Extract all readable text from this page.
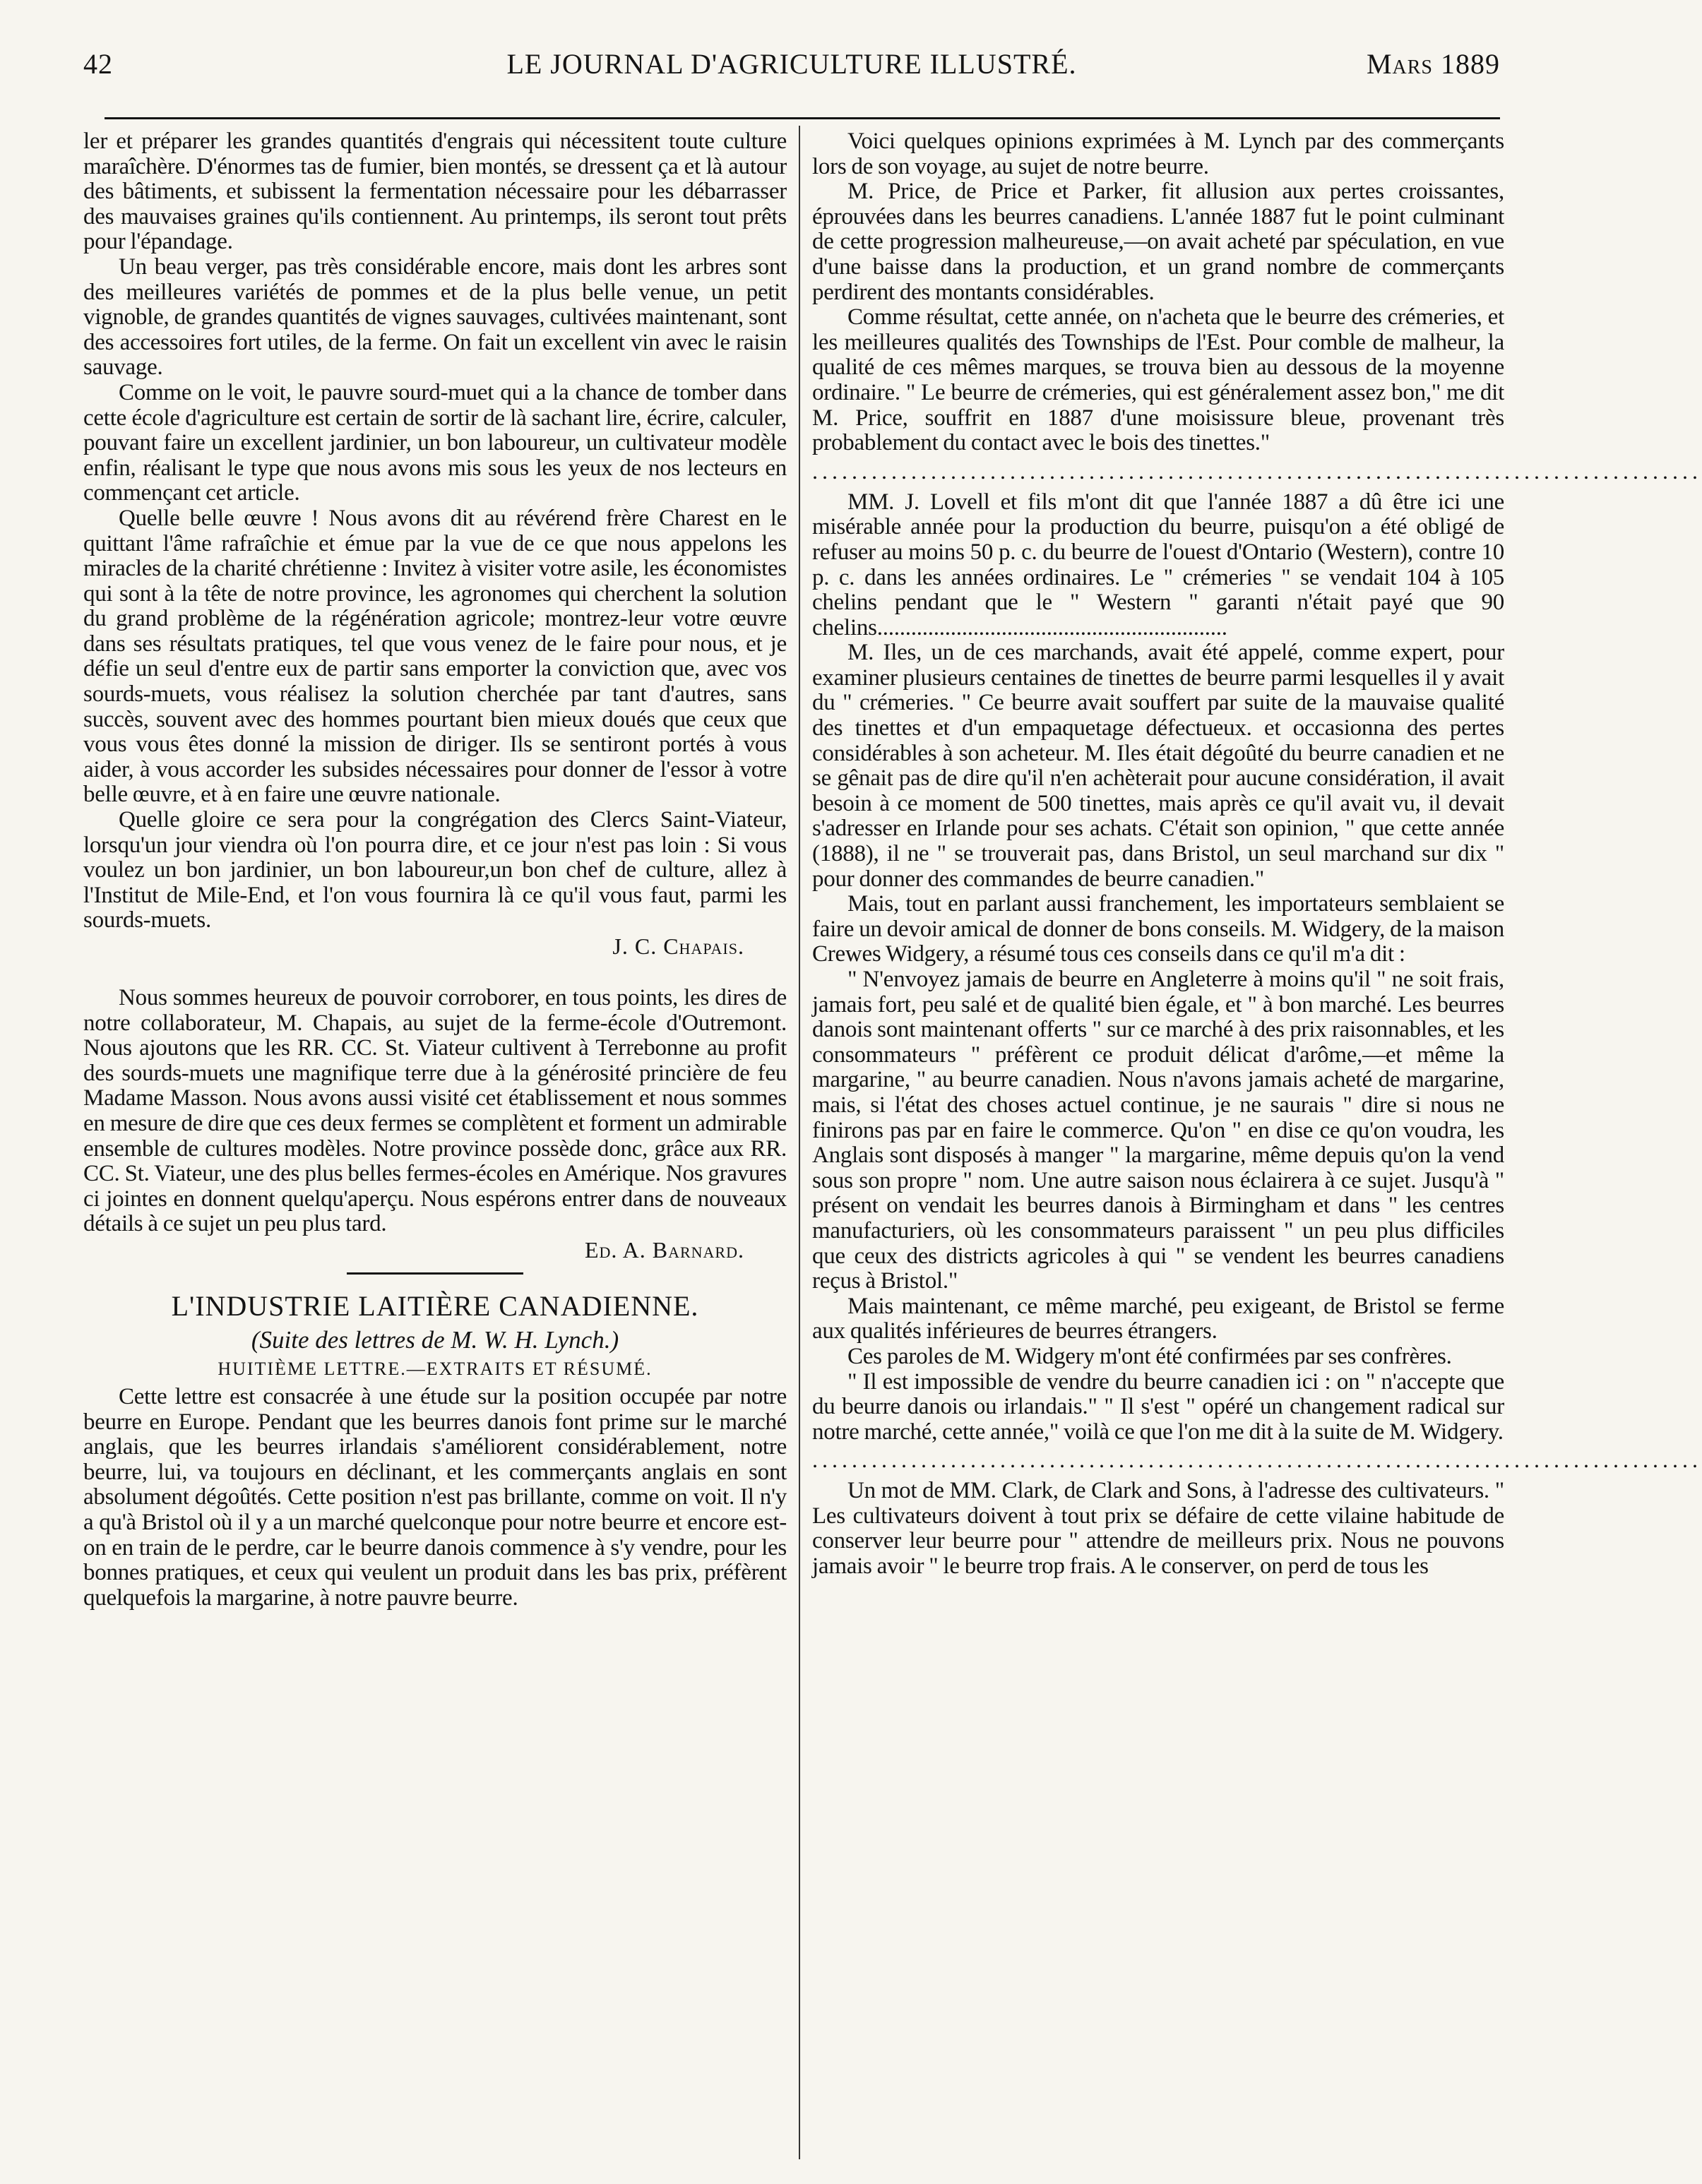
42	LE JOURNAL D'AGRICULTURE ILLUSTRÉ.	Mars 1889

ler et préparer les grandes quantités d'engrais qui nécessitent toute culture maraîchère. D'énormes tas de fumier, bien montés, se dressent ça et là autour des bâtiments, et subissent la fermentation nécessaire pour les débarrasser des mauvaises graines qu'ils contiennent. Au printemps, ils seront tout prêts pour l'épandage.

Un beau verger, pas très considérable encore, mais dont les arbres sont des meilleures variétés de pommes et de la plus belle venue, un petit vignoble, de grandes quantités de vignes sauvages, cultivées maintenant, sont des accessoires fort utiles, de la ferme. On fait un excellent vin avec le raisin sauvage.

Comme on le voit, le pauvre sourd-muet qui a la chance de tomber dans cette école d'agriculture est certain de sortir de là sachant lire, écrire, calculer, pouvant faire un excellent jardinier, un bon laboureur, un cultivateur modèle enfin, réalisant le type que nous avons mis sous les yeux de nos lecteurs en commençant cet article.

Quelle belle œuvre ! Nous avons dit au révérend frère Charest en le quittant l'âme rafraîchie et émue par la vue de ce que nous appelons les miracles de la charité chrétienne : Invitez à visiter votre asile, les économistes qui sont à la tête de notre province, les agronomes qui cherchent la solution du grand problème de la régénération agricole; montrez-leur votre œuvre dans ses résultats pratiques, tel que vous venez de le faire pour nous, et je défie un seul d'entre eux de partir sans emporter la conviction que, avec vos sourds-muets, vous réalisez la solution cherchée par tant d'autres, sans succès, souvent avec des hommes pourtant bien mieux doués que ceux que vous vous êtes donné la mission de diriger. Ils se sentiront portés à vous aider, à vous accorder les subsides nécessaires pour donner de l'essor à votre belle œuvre, et à en faire une œuvre nationale.

Quelle gloire ce sera pour la congrégation des Clercs Saint-Viateur, lorsqu'un jour viendra où l'on pourra dire, et ce jour n'est pas loin : Si vous voulez un bon jardinier, un bon laboureur,un bon chef de culture, allez à l'Institut de Mile-End, et l'on vous fournira là ce qu'il vous faut, parmi les sourds-muets.

J. C. Chapais.

Nous sommes heureux de pouvoir corroborer, en tous points, les dires de notre collaborateur, M. Chapais, au sujet de la ferme-école d'Outremont. Nous ajoutons que les RR. CC. St. Viateur cultivent à Terrebonne au profit des sourds-muets une magnifique terre due à la générosité princière de feu Madame Masson. Nous avons aussi visité cet établissement et nous sommes en mesure de dire que ces deux fermes se complètent et forment un admirable ensemble de cultures modèles. Notre province possède donc, grâce aux RR. CC. St. Viateur, une des plus belles fermes-écoles en Amérique. Nos gravures ci jointes en donnent quelqu'aperçu. Nous espérons entrer dans de nouveaux détails à ce sujet un peu plus tard.

Ed. A. Barnard.
L'INDUSTRIE LAITIÈRE CANADIENNE.
(Suite des lettres de M. W. H. Lynch.)
HUITIÈME LETTRE.—EXTRAITS ET RÉSUMÉ.

Cette lettre est consacrée à une étude sur la position occupée par notre beurre en Europe. Pendant que les beurres danois font prime sur le marché anglais, que les beurres irlandais s'améliorent considérablement, notre beurre, lui, va toujours en déclinant, et les commerçants anglais en sont absolument dégoûtés. Cette position n'est pas brillante, comme on voit. Il n'y a qu'à Bristol où il y a un marché quelconque pour notre beurre et encore est-on en train de le perdre, car le beurre danois commence à s'y vendre, pour les bonnes pratiques, et ceux qui veulent un produit dans les bas prix, préfèrent quelquefois la margarine, à notre pauvre beurre.

Voici quelques opinions exprimées à M. Lynch par des commerçants lors de son voyage, au sujet de notre beurre.

M. Price, de Price et Parker, fit allusion aux pertes croissantes, éprouvées dans les beurres canadiens. L'année 1887 fut le point culminant de cette progression malheureuse,—on avait acheté par spéculation, en vue d'une baisse dans la production, et un grand nombre de commerçants perdirent des montants considérables.

Comme résultat, cette année, on n'acheta que le beurre des crémeries, et les meilleures qualités des Townships de l'Est. Pour comble de malheur, la qualité de ces mêmes marques, se trouva bien au dessous de la moyenne ordinaire. " Le beurre de crémeries, qui est généralement assez bon," me dit M. Price, souffrit en 1887 d'une moisissure bleue, provenant très probablement du contact avec le bois des tinettes."

..........................................................................................

MM. J. Lovell et fils m'ont dit que l'année 1887 a dû être ici une misérable année pour la production du beurre, puisqu'on a été obligé de refuser au moins 50 p. c. du beurre de l'ouest d'Ontario (Western), contre 10 p. c. dans les années ordinaires. Le " crémeries " se vendait 104 à 105 chelins pendant que le " Western " garanti n'était payé que 90 chelins..............................................................

M. Iles, un de ces marchands, avait été appelé, comme expert, pour examiner plusieurs centaines de tinettes de beurre parmi lesquelles il y avait du " crémeries. " Ce beurre avait souffert par suite de la mauvaise qualité des tinettes et d'un empaquetage défectueux. et occasionna des pertes considérables à son acheteur. M. Iles était dégoûté du beurre canadien et ne se gênait pas de dire qu'il n'en achèterait pour aucune considération, il avait besoin à ce moment de 500 tinettes, mais après ce qu'il avait vu, il devait s'adresser en Irlande pour ses achats. C'était son opinion, " que cette année (1888), il ne " se trouverait pas, dans Bristol, un seul marchand sur dix " pour donner des commandes de beurre canadien."

Mais, tout en parlant aussi franchement, les importateurs semblaient se faire un devoir amical de donner de bons conseils. M. Widgery, de la maison Crewes Widgery, a résumé tous ces conseils dans ce qu'il m'a dit :

" N'envoyez jamais de beurre en Angleterre à moins qu'il " ne soit frais, jamais fort, peu salé et de qualité bien égale, et " à bon marché. Les beurres danois sont maintenant offerts " sur ce marché à des prix raisonnables, et les consommateurs " préfèrent ce produit délicat d'arôme,—et même la margarine, " au beurre canadien. Nous n'avons jamais acheté de margarine, mais, si l'état des choses actuel continue, je ne saurais " dire si nous ne finirons pas par en faire le commerce. Qu'on " en dise ce qu'on voudra, les Anglais sont disposés à manger " la margarine, même depuis qu'on la vend sous son propre " nom. Une autre saison nous éclairera à ce sujet. Jusqu'à " présent on vendait les beurres danois à Birmingham et dans " les centres manufacturiers, où les consommateurs paraissent " un peu plus difficiles que ceux des districts agricoles à qui " se vendent les beurres canadiens reçus à Bristol."

Mais maintenant, ce même marché, peu exigeant, de Bristol se ferme aux qualités inférieures de beurres étrangers.

Ces paroles de M. Widgery m'ont été confirmées par ses confrères.

" Il est impossible de vendre du beurre canadien ici : on " n'accepte que du beurre danois ou irlandais." " Il s'est " opéré un changement radical sur notre marché, cette année," voilà ce que l'on me dit à la suite de M. Widgery.

..........................................................................................

Un mot de MM. Clark, de Clark and Sons, à l'adresse des cultivateurs. " Les cultivateurs doivent à tout prix se défaire de cette vilaine habitude de conserver leur beurre pour " attendre de meilleurs prix. Nous ne pouvons jamais avoir " le beurre trop frais. A le conserver, on perd de tous les
